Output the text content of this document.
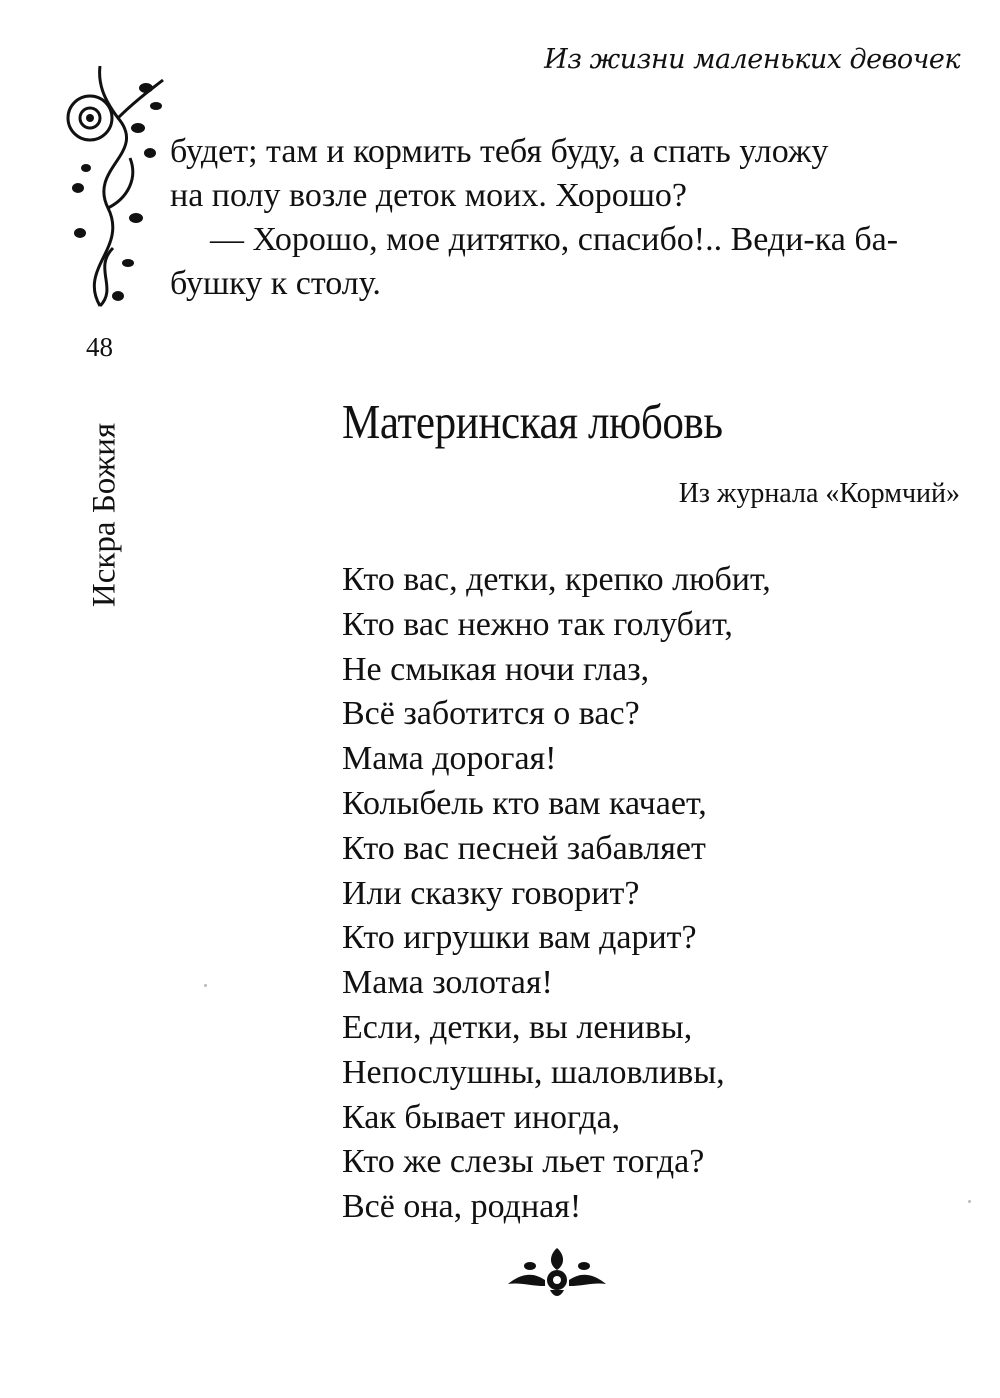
Из жизни маленьких девочек
будет; там и кормить тебя буду, а спать уложу
на полу возле деток моих. Хорошо?
— Хорошо, мое дитятко, спасибо!.. Веди-ка ба-
бушку к столу.
48
Искра Божия
Материнская любовь
Из журнала «Кормчий»
Кто вас, детки, крепко любит,
Кто вас нежно так голубит,
Не смыкая ночи глаз,
Всё заботится о вас?
Мама дорогая!
Колыбель кто вам качает,
Кто вас песней забавляет
Или сказку говорит?
Кто игрушки вам дарит?
Мама золотая!
Если, детки, вы ленивы,
Непослушны, шаловливы,
Как бывает иногда,
Кто же слезы льет тогда?
Всё она, родная!
